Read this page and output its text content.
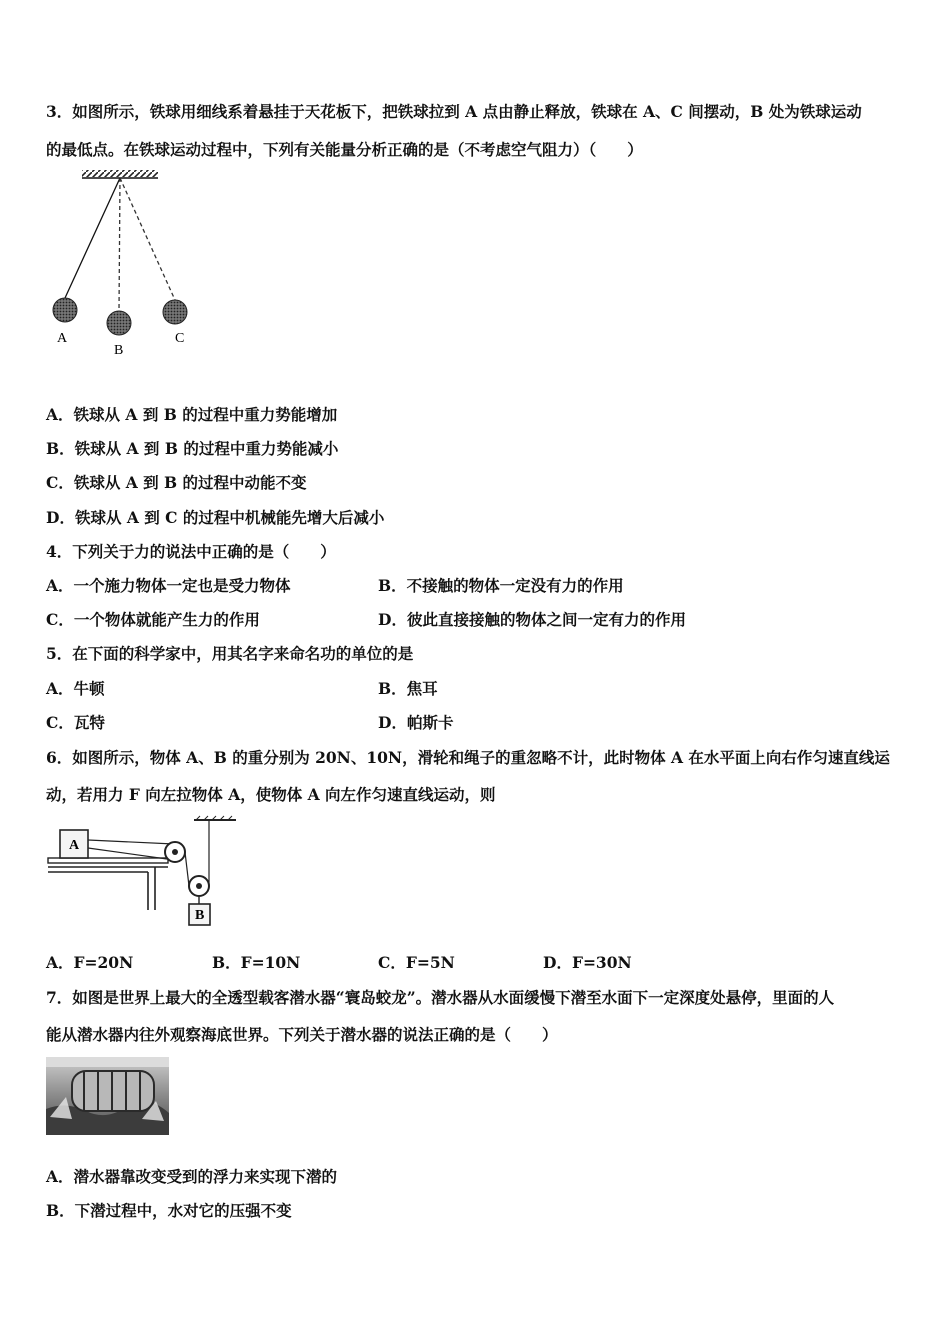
3．如图所示，铁球用细线系着悬挂于天花板下，把铁球拉到 A 点由静止释放，铁球在 A、C 间摆动，B 处为铁球运动
的最低点。在铁球运动过程中，下列有关能量分析正确的是（不考虑空气阻力）（　　）
A
B
C
A．铁球从 A 到 B 的过程中重力势能增加
B．铁球从 A 到 B 的过程中重力势能减小
C．铁球从 A 到 B 的过程中动能不变
D．铁球从 A 到 C 的过程中机械能先增大后减小
4．下列关于力的说法中正确的是（　　）
A．一个施力物体一定也是受力物体	B．不接触的物体一定没有力的作用
C．一个物体就能产生力的作用	D．彼此直接接触的物体之间一定有力的作用
5．在下面的科学家中，用其名字来命名功的单位的是
A．牛顿	B．焦耳
C．瓦特	D．帕斯卡
6．如图所示，物体 A、B 的重分别为 20N、10N，滑轮和绳子的重忽略不计，此时物体 A 在水平面上向右作匀速直线运
动，若用力 F 向左拉物体 A，使物体 A 向左作匀速直线运动，则
A
B
A．F=20N	B．F=10N	C．F=5N	D．F=30N
7．如图是世界上最大的全透型载客潜水器“寰岛蛟龙”。潜水器从水面缓慢下潜至水面下一定深度处悬停，里面的人
能从潜水器内往外观察海底世界。下列关于潜水器的说法正确的是（　　）
A．潜水器靠改变受到的浮力来实现下潜的
B．下潜过程中，水对它的压强不变
